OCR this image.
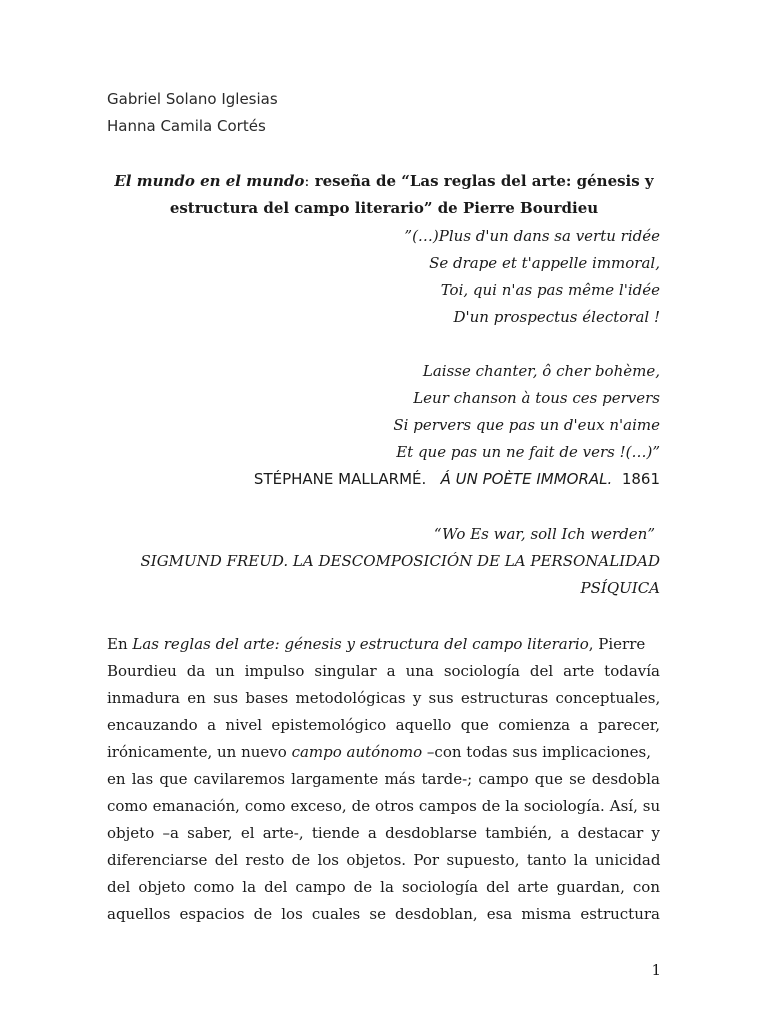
Gabriel Solano Iglesias
Hanna Camila Cortés
El mundo en el mundo: reseña de “Las reglas del arte: génesis y
estructura del campo literario” de Pierre Bourdieu
”(…)Plus d'un dans sa vertu ridée
Se drape et t'appelle immoral,
Toi, qui n'as pas même l'idée
D'un prospectus électoral !
Laisse chanter, ô cher bohème,
Leur chanson à tous ces pervers
Si pervers que pas un d'eux n'aime
Et que pas un ne fait de vers !(…)”
STÉPHANE MALLARMÉ. Á UN POÈTE IMMORAL. 1861
“Wo Es war, soll Ich werden”
SIGMUND FREUD. LA DESCOMPOSICIÓN DE LA PERSONALIDAD
PSÍQUICA
En Las reglas del arte: génesis y estructura del campo literario, Pierre
Bourdieu da un impulso singular a una sociología del arte todavía
inmadura en sus bases metodológicas y sus estructuras conceptuales,
encauzando a nivel epistemológico aquello que comienza a parecer,
irónicamente, un nuevo campo autónomo –con todas sus implicaciones,
en las que cavilaremos largamente más tarde-; campo que se desdobla
como emanación, como exceso, de otros campos de la sociología. Así, su
objeto –a saber, el arte-, tiende a desdoblarse también, a destacar y
diferenciarse del resto de los objetos. Por supuesto, tanto la unicidad
del objeto como la del campo de la sociología del arte guardan, con
aquellos espacios de los cuales se desdoblan, esa misma estructura
1
